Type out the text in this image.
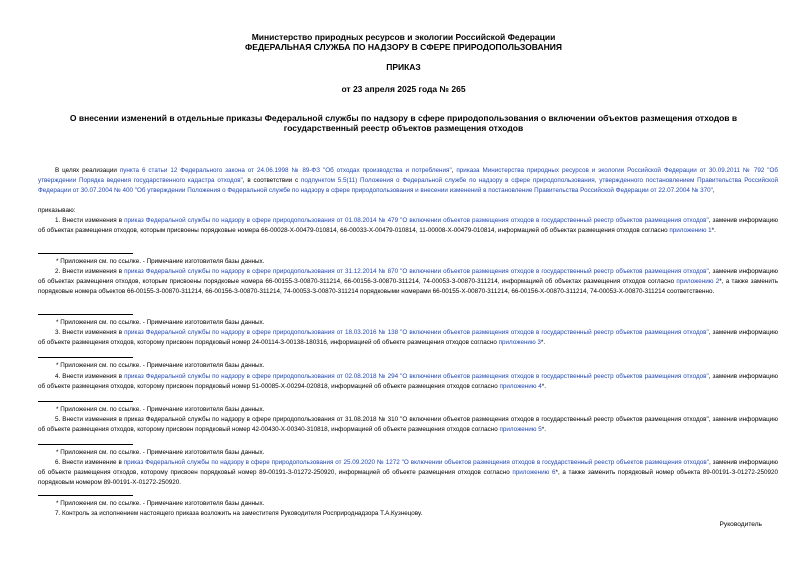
Министерство природных ресурсов и экологии Российской Федерации
ФЕДЕРАЛЬНАЯ СЛУЖБА ПО НАДЗОРУ В СФЕРЕ ПРИРОДОПОЛЬЗОВАНИЯ
ПРИКАЗ
от 23 апреля 2025 года № 265
О внесении изменений в отдельные приказы Федеральной службы по надзору в сфере природопользования о включении объектов размещения отходов в
государственный реестр объектов размещения отходов
В целях реализации пункта 6 статьи 12 Федерального закона от 24.06.1998 № 89-ФЗ "Об отходах производства и потребления", приказа Министерства природных ресурсов и экологии Российской Федерации от 30.09.2011 № 792 "Об утверждении Порядка ведения государственного кадастра отходов", в соответствии с подпунктом 5.5(11) Положения о Федеральной службе по надзору в сфере природопользования, утвержденного постановлением Правительства Российской Федерации от 30.07.2004 № 400 "Об утверждении Положения о Федеральной службе по надзору в сфере природопользования и внесении изменений в постановление Правительства Российской Федерации от 22.07.2004 № 370",
приказываю:
1. Внести изменения в приказ Федеральной службы по надзору в сфере природопользования от 01.08.2014 № 479 "О включении объектов размещения отходов в государственный реестр объектов размещения отходов", заменив информацию об объектах размещения отходов, которым присвоены порядковые номера 66-00028-Х-00479-010814, 66-00033-Х-00479-010814, 11-00008-Х-00479-010814, информацией об объектах размещения отходов согласно приложению 1*.
* Приложения см. по ссылке. - Примечание изготовителя базы данных.
2. Внести изменения в приказ Федеральной службы по надзору в сфере природопользования от 31.12.2014 № 870 "О включении объектов размещения отходов в государственный реестр объектов размещения отходов", заменив информацию об объектах размещения отходов, которым присвоены порядковые номера 66-00155-З-00870-311214, 66-00156-З-00870-311214, 74-00053-З-00870-311214, информацией об объектах размещения отходов согласно приложению 2*, а также заменить порядковые номера объектов 66-00155-З-00870-311214, 66-00156-З-00870-311214, 74-00053-З-00870-311214 порядковыми номерами 66-00155-Х-00870-311214, 66-00156-Х-00870-311214, 74-00053-Х-00870-311214 соответственно.
* Приложения см. по ссылке. - Примечание изготовителя базы данных.
3. Внести изменения в приказ Федеральной службы по надзору в сфере природопользования от 18.03.2016 № 138 "О включении объектов размещения отходов в государственный реестр объектов размещения отходов", заменив информацию об объекте размещения отходов, которому присвоен порядковый номер 24-00114-З-00138-180316, информацией об объекте размещения отходов согласно приложению 3*.
* Приложения см. по ссылке. - Примечание изготовителя базы данных.
4. Внести изменения в приказ Федеральной службы по надзору в сфере природопользования от 02.08.2018 № 294 "О включении объектов размещения отходов в государственный реестр объектов размещения отходов", заменив информацию об объекте размещения отходов, которому присвоен порядковый номер 51-00085-Х-00294-020818, информацией об объекте размещения отходов согласно приложению 4*.
* Приложения см. по ссылке. - Примечание изготовителя базы данных.
5. Внести изменения в приказ Федеральной службы по надзору в сфере природопользования от 31.08.2018 № 310 "О включении объектов размещения отходов в государственный реестр объектов размещения отходов", заменив информацию об объекте размещения отходов, которому присвоен порядковый номер 42-00430-Х-00340-310818, информацией об объекте размещения отходов согласно приложению 5*.
* Приложения см. по ссылке. - Примечание изготовителя базы данных.
6. Внести изменение в приказ Федеральной службы по надзору в сфере природопользования от 25.09.2020 № 1272 "О включении объектов размещения отходов в государственный реестр объектов размещения отходов", заменив информацию об объекте размещения отходов, которому присвоен порядковый номер 89-00191-З-01272-250920, информацией об объекте размещения отходов согласно приложению 6*, а также заменить порядковый номер объекта 89-00191-З-01272-250920 порядковым номером 89-00191-Х-01272-250920.
* Приложения см. по ссылке. - Примечание изготовителя базы данных.
7. Контроль за исполнением настоящего приказа возложить на заместителя Руководителя Росприроднадзора Т.А.Кузнецову.
Руководитель
